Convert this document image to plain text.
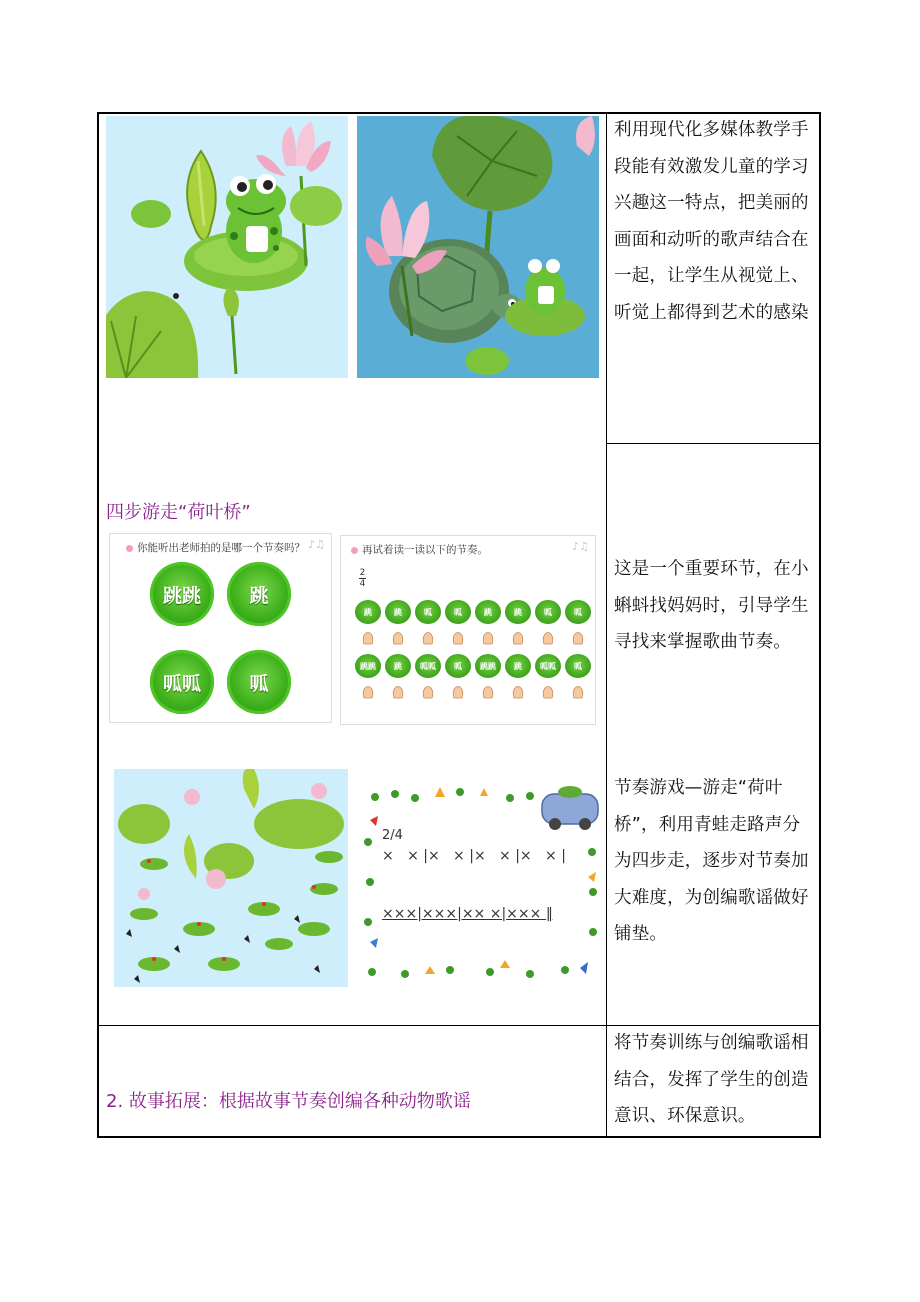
利用现代化多媒体教学手
段能有效激发儿童的学习
兴趣这一特点，把美丽的
画面和动听的歌声结合在
一起，让学生从视觉上、
听觉上都得到艺术的感染
这是一个重要环节，在小
蝌蚪找妈妈时，引导学生
寻找来掌握歌曲节奏。
节奏游戏—游走“荷叶
桥”，利用青蛙走路声分
为四步走，逐步对节奏加
大难度，为创编歌谣做好
铺垫。
将节奏训练与创编歌谣相
结合，发挥了学生的创造
意识、环保意识。
四步游走“荷叶桥”
2. 故事拓展：根据故事节奏创编各种动物歌谣
你能听出老师拍的是哪一个节奏吗？ ♪♫
跳跳	跳
呱呱	呱
再试着读一读以下的节奏。	♪♫
2
4
跳	跳	呱	呱	跳	跳	呱	呱
跳跳	跳	呱呱	呱	跳跳	跳	呱呱	呱
2/4
×   × |×   × |×   × |×   × |
×××|×××|×× ×|××× ‖
